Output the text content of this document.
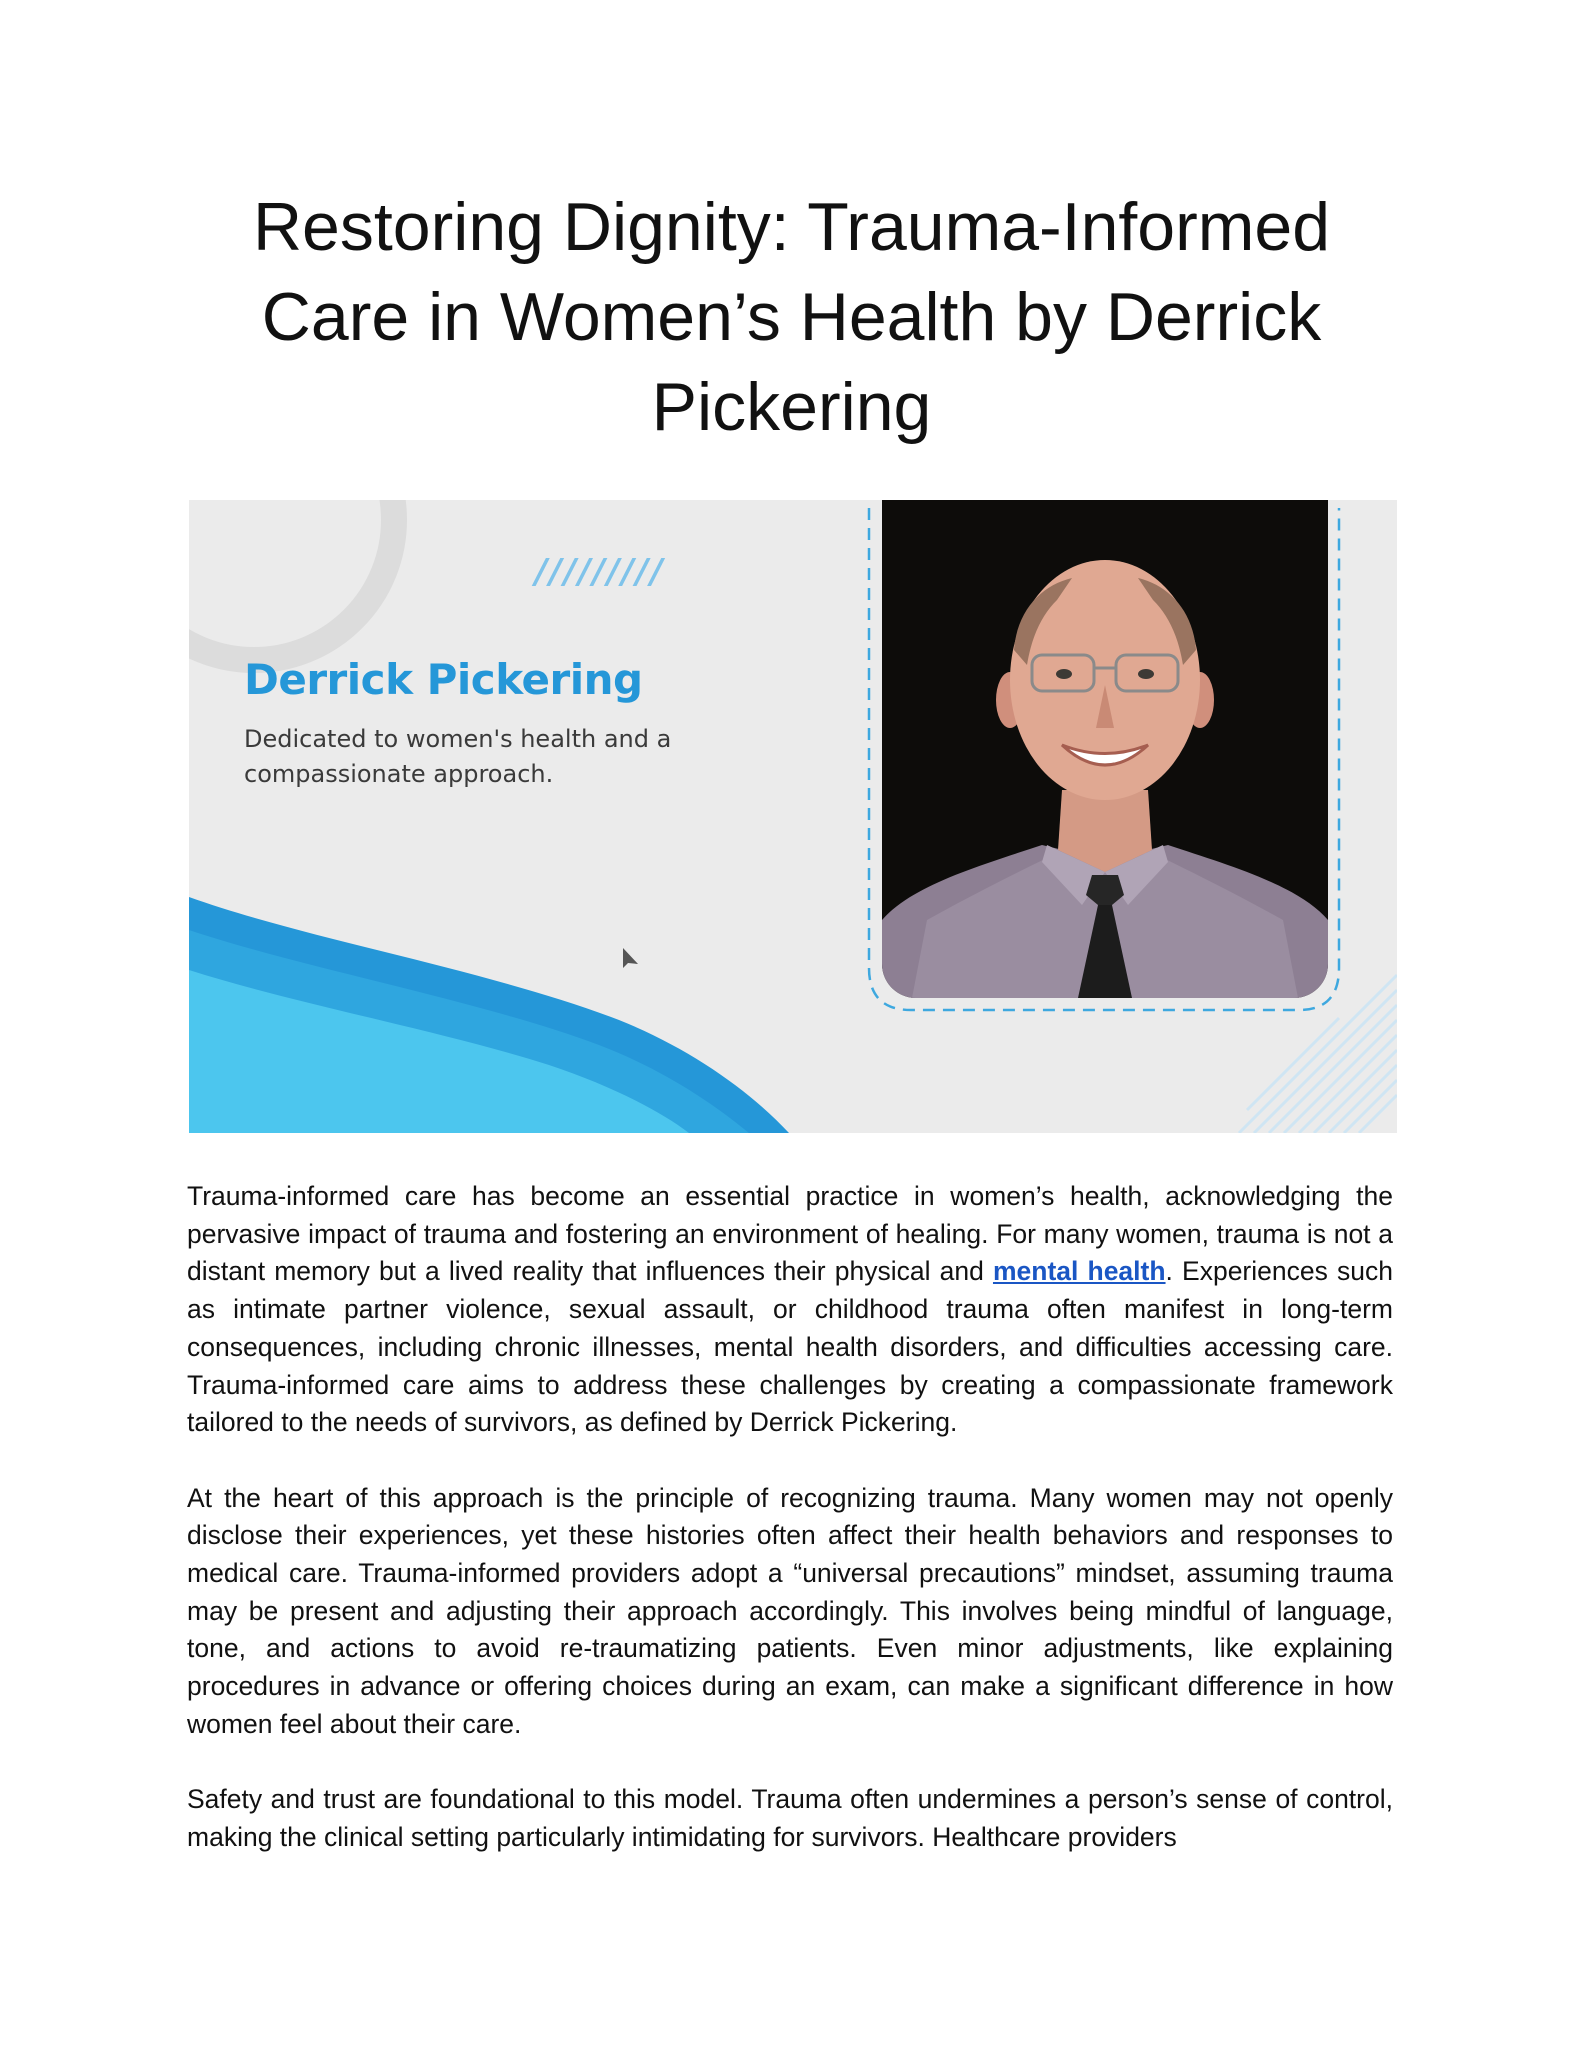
Restoring Dignity: Trauma-Informed Care in Women’s Health by Derrick Pickering
/////////
Derrick Pickering
Dedicated to women's health and a compassionate approach.

Trauma-informed care has become an essential practice in women’s health, acknowledging the pervasive impact of trauma and fostering an environment of healing. For many women, trauma is not a distant memory but a lived reality that influences their physical and mental health. Experiences such as intimate partner violence, sexual assault, or childhood trauma often manifest in long-term consequences, including chronic illnesses, mental health disorders, and difficulties accessing care. Trauma-informed care aims to address these challenges by creating a compassionate framework tailored to the needs of survivors, as defined by Derrick Pickering.

At the heart of this approach is the principle of recognizing trauma. Many women may not openly disclose their experiences, yet these histories often affect their health behaviors and responses to medical care. Trauma-informed providers adopt a “universal precautions” mindset, assuming trauma may be present and adjusting their approach accordingly. This involves being mindful of language, tone, and actions to avoid re-traumatizing patients. Even minor adjustments, like explaining procedures in advance or offering choices during an exam, can make a significant difference in how women feel about their care.

Safety and trust are foundational to this model. Trauma often undermines a person’s sense of control, making the clinical setting particularly intimidating for survivors. Healthcare providers
